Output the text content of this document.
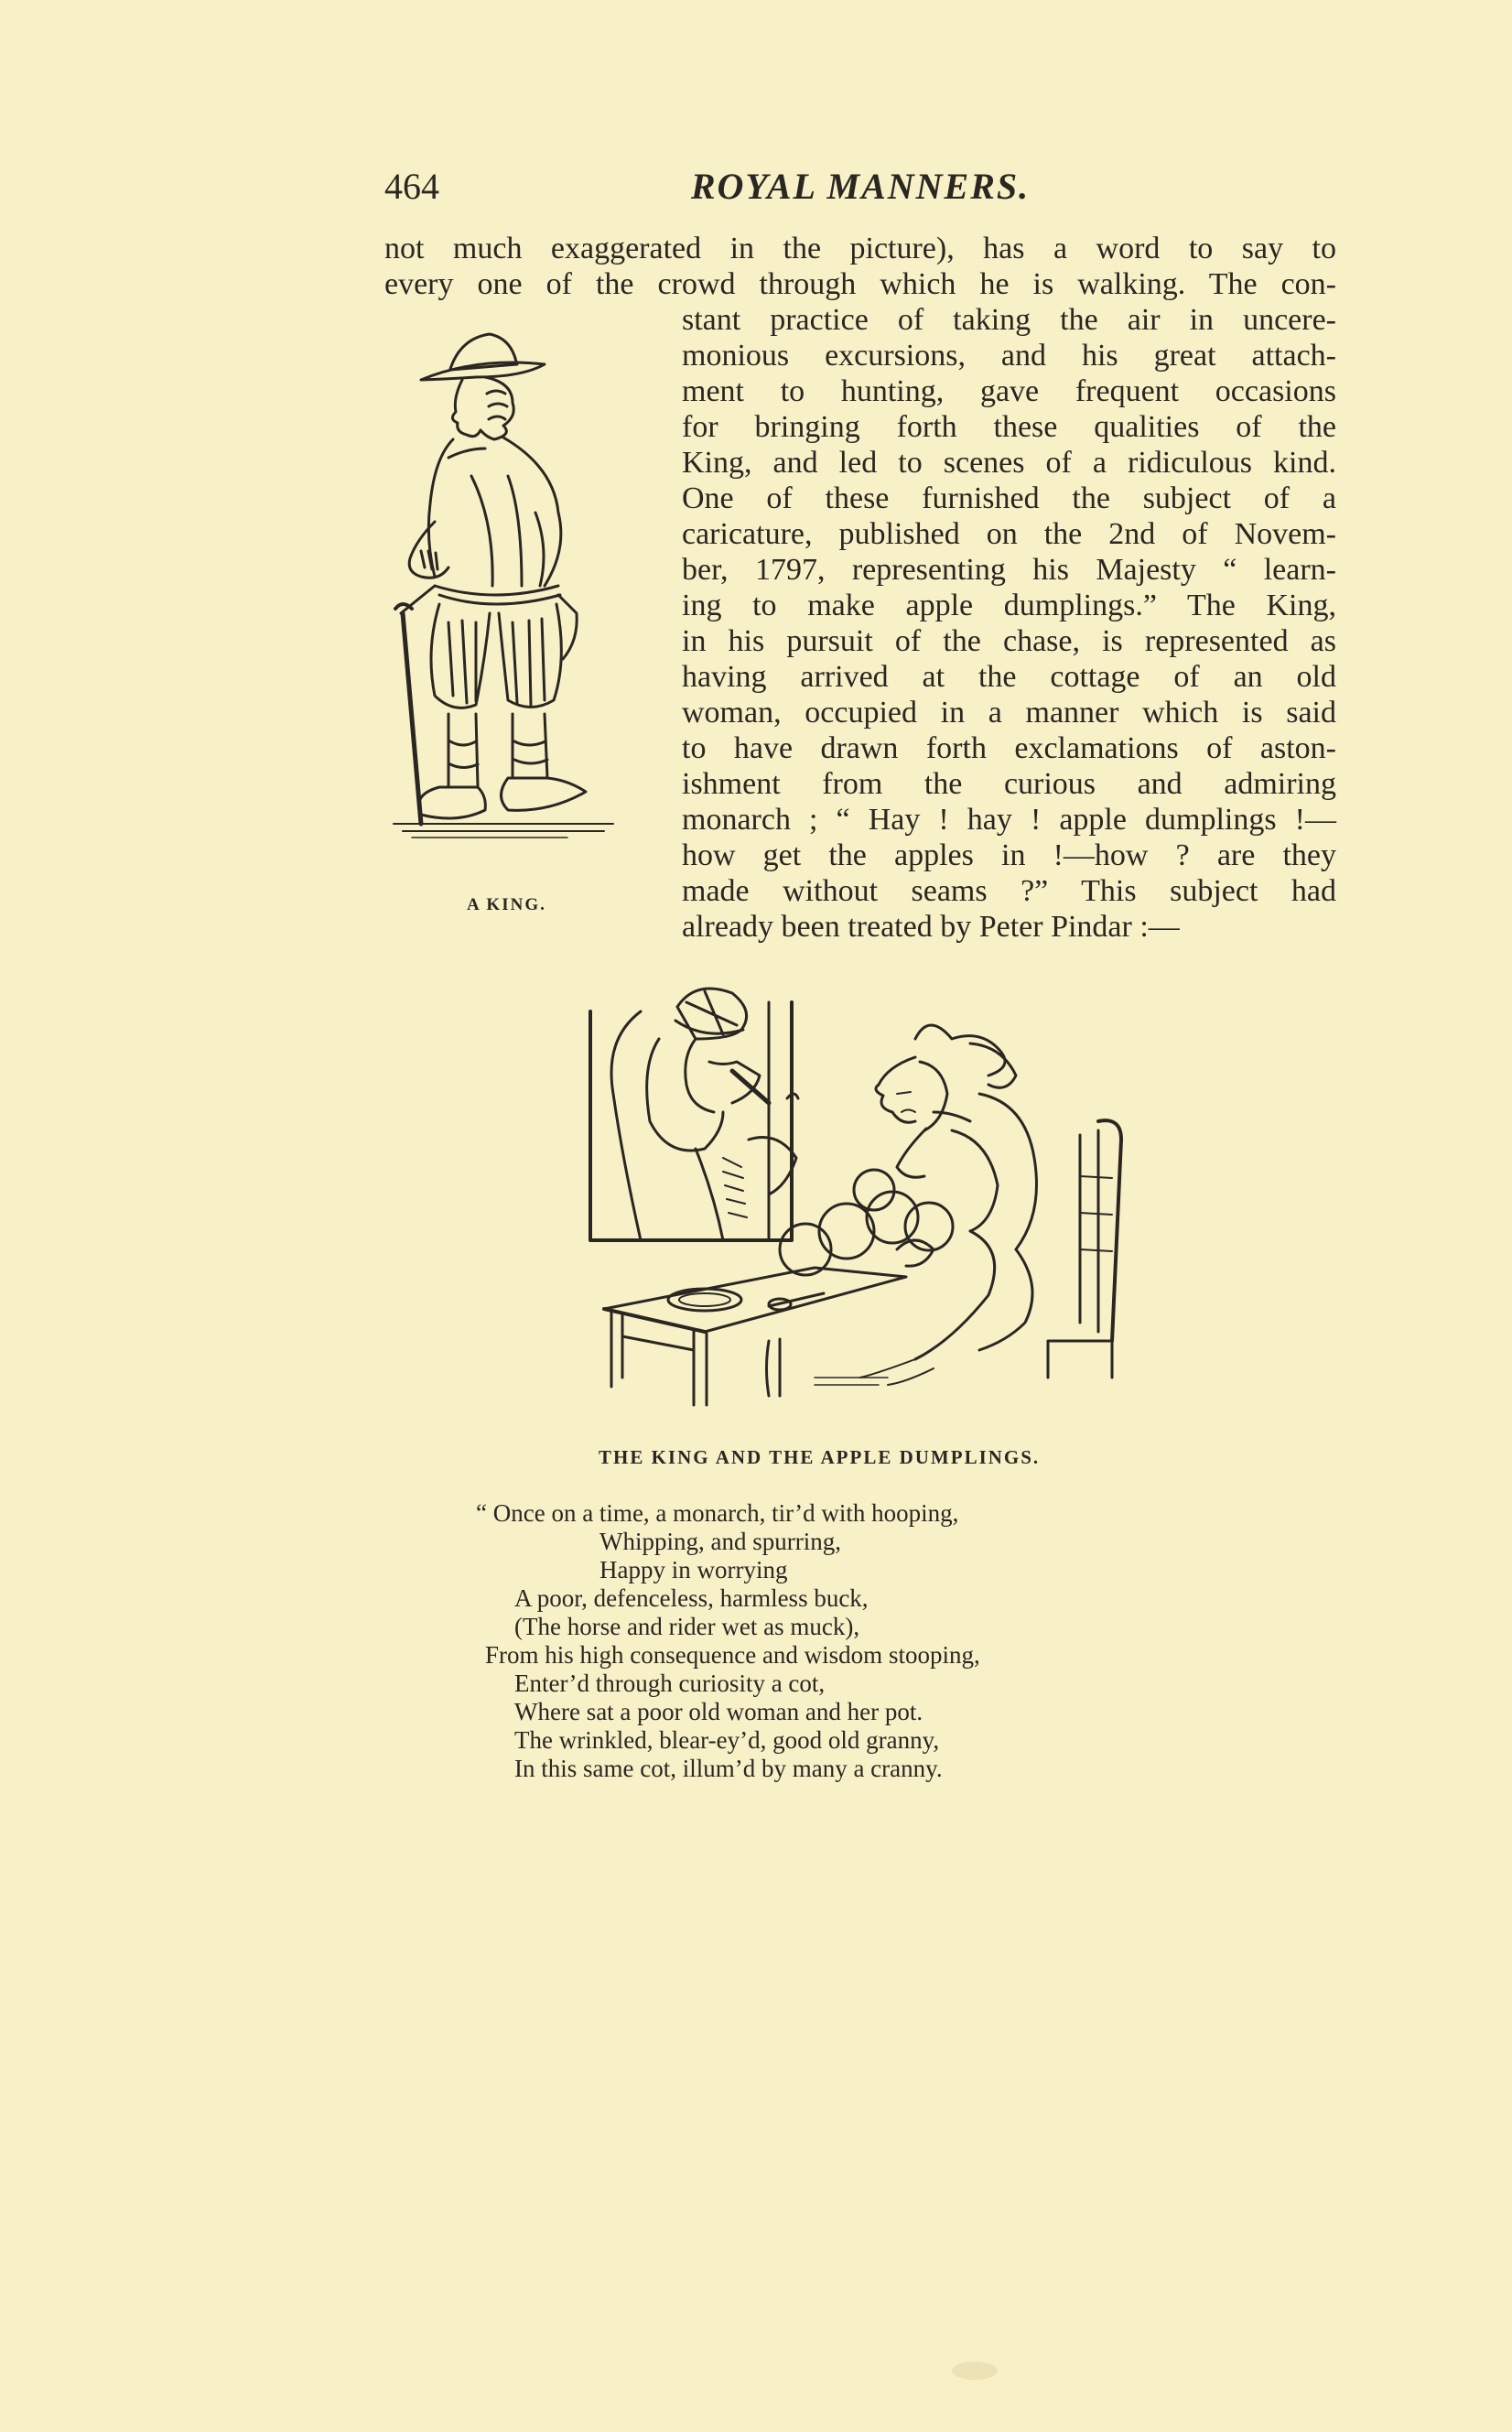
464	ROYAL MANNERS.
not much exaggerated in the picture), has a word to say to
every one of the crowd through which he is walking. The con-
stant practice of taking the air in uncere-
monious excursions, and his great attach-
ment to hunting, gave frequent occasions
for bringing forth these qualities of the
King, and led to scenes of a ridiculous kind.
One of these furnished the subject of a
caricature, published on the 2nd of Novem-
ber, 1797, representing his Majesty “ learn-
ing to make apple dumplings.” The King,
in his pursuit of the chase, is represented as
having arrived at the cottage of an old
woman, occupied in a manner which is said
to have drawn forth exclamations of aston-
ishment from the curious and admiring
monarch ; “ Hay ! hay ! apple dumplings !—
how get the apples in !—how ? are they
made without seams ?” This subject had
already been treated by Peter Pindar :—
A KING.
THE KING AND THE APPLE DUMPLINGS.
“ Once on a time, a monarch, tir’d with hooping,
Whipping, and spurring,
Happy in worrying
A poor, defenceless, harmless buck,
(The horse and rider wet as muck),
From his high consequence and wisdom stooping,
Enter’d through curiosity a cot,
Where sat a poor old woman and her pot.
The wrinkled, blear-ey’d, good old granny,
In this same cot, illum’d by many a cranny.
